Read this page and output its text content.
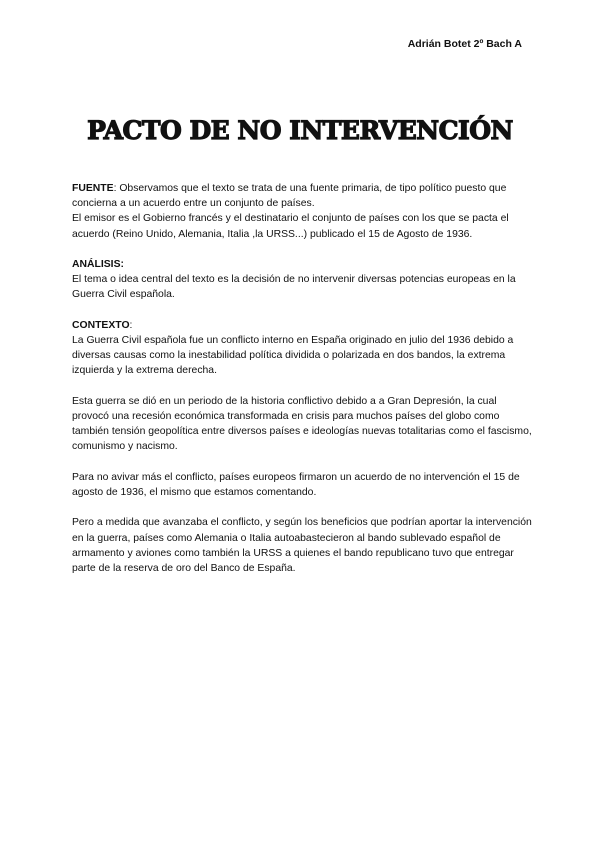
Adrián Botet 2º Bach A
PACTO DE NO INTERVENCIÓN

FUENTE: Observamos que el texto se trata de una fuente primaria, de tipo político puesto que concierna a un acuerdo entre un conjunto de países.

El emisor es el Gobierno francés y el destinatario el conjunto de países con los que se pacta el acuerdo (Reino Unido, Alemania, Italia ,la URSS...) publicado el 15 de Agosto de 1936.

ANÁLISIS:

El tema o idea central del texto es la decisión de no intervenir diversas potencias europeas en la Guerra Civil española.

CONTEXTO:

La Guerra Civil española fue un conflicto interno en España originado en julio del 1936 debido a diversas causas como la inestabilidad política dividida o polarizada en dos bandos, la extrema izquierda y la extrema derecha.

Esta guerra se dió en un periodo de la historia conflictivo debido a a Gran Depresión, la cual provocó una recesión económica transformada en crisis para muchos países del globo como también tensión geopolítica entre diversos países e ideologías nuevas totalitarias como el fascismo, comunismo y nacismo.

Para no avivar más el conflicto, países europeos firmaron un acuerdo de no intervención el 15 de agosto de 1936, el mismo que estamos comentando.

Pero a medida que avanzaba el conflicto, y según los beneficios que podrían aportar la intervención en la guerra, países como Alemania o Italia autoabastecieron al bando sublevado español de armamento y aviones como también la URSS a quienes el bando republicano tuvo que entregar parte de la reserva de oro del Banco de España.
